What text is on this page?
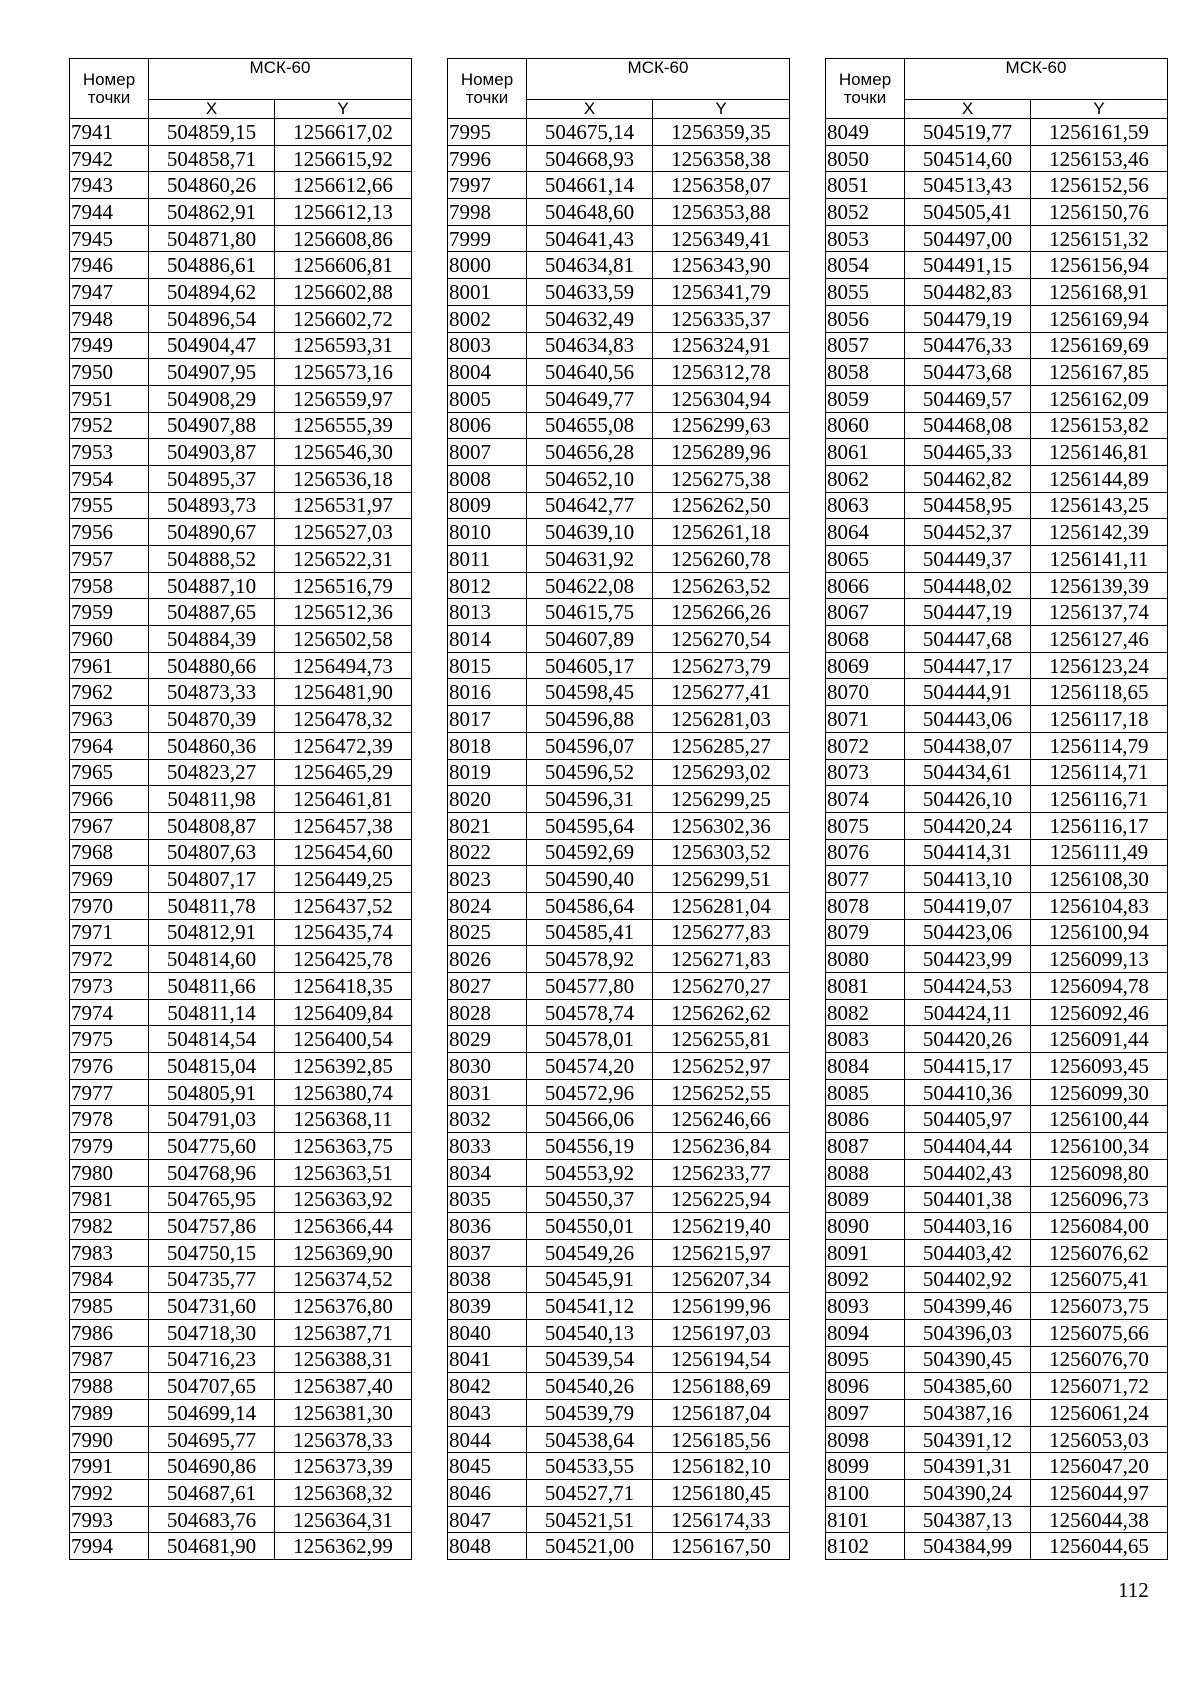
Номер точки	МСК-60	
	X	Y
7941	504859,15	1256617,02
7942	504858,71	1256615,92
7943	504860,26	1256612,66
7944	504862,91	1256612,13
7945	504871,80	1256608,86
7946	504886,61	1256606,81
7947	504894,62	1256602,88
7948	504896,54	1256602,72
7949	504904,47	1256593,31
7950	504907,95	1256573,16
7951	504908,29	1256559,97
7952	504907,88	1256555,39
7953	504903,87	1256546,30
7954	504895,37	1256536,18
7955	504893,73	1256531,97
7956	504890,67	1256527,03
7957	504888,52	1256522,31
7958	504887,10	1256516,79
7959	504887,65	1256512,36
7960	504884,39	1256502,58
7961	504880,66	1256494,73
7962	504873,33	1256481,90
7963	504870,39	1256478,32
7964	504860,36	1256472,39
7965	504823,27	1256465,29
7966	504811,98	1256461,81
7967	504808,87	1256457,38
7968	504807,63	1256454,60
7969	504807,17	1256449,25
7970	504811,78	1256437,52
7971	504812,91	1256435,74
7972	504814,60	1256425,78
7973	504811,66	1256418,35
7974	504811,14	1256409,84
7975	504814,54	1256400,54
7976	504815,04	1256392,85
7977	504805,91	1256380,74
7978	504791,03	1256368,11
7979	504775,60	1256363,75
7980	504768,96	1256363,51
7981	504765,95	1256363,92
7982	504757,86	1256366,44
7983	504750,15	1256369,90
7984	504735,77	1256374,52
7985	504731,60	1256376,80
7986	504718,30	1256387,71
7987	504716,23	1256388,31
7988	504707,65	1256387,40
7989	504699,14	1256381,30
7990	504695,77	1256378,33
7991	504690,86	1256373,39
7992	504687,61	1256368,32
7993	504683,76	1256364,31
7994	504681,90	1256362,99
Номер точки	МСК-60	
	X	Y
7995	504675,14	1256359,35
7996	504668,93	1256358,38
7997	504661,14	1256358,07
7998	504648,60	1256353,88
7999	504641,43	1256349,41
8000	504634,81	1256343,90
8001	504633,59	1256341,79
8002	504632,49	1256335,37
8003	504634,83	1256324,91
8004	504640,56	1256312,78
8005	504649,77	1256304,94
8006	504655,08	1256299,63
8007	504656,28	1256289,96
8008	504652,10	1256275,38
8009	504642,77	1256262,50
8010	504639,10	1256261,18
8011	504631,92	1256260,78
8012	504622,08	1256263,52
8013	504615,75	1256266,26
8014	504607,89	1256270,54
8015	504605,17	1256273,79
8016	504598,45	1256277,41
8017	504596,88	1256281,03
8018	504596,07	1256285,27
8019	504596,52	1256293,02
8020	504596,31	1256299,25
8021	504595,64	1256302,36
8022	504592,69	1256303,52
8023	504590,40	1256299,51
8024	504586,64	1256281,04
8025	504585,41	1256277,83
8026	504578,92	1256271,83
8027	504577,80	1256270,27
8028	504578,74	1256262,62
8029	504578,01	1256255,81
8030	504574,20	1256252,97
8031	504572,96	1256252,55
8032	504566,06	1256246,66
8033	504556,19	1256236,84
8034	504553,92	1256233,77
8035	504550,37	1256225,94
8036	504550,01	1256219,40
8037	504549,26	1256215,97
8038	504545,91	1256207,34
8039	504541,12	1256199,96
8040	504540,13	1256197,03
8041	504539,54	1256194,54
8042	504540,26	1256188,69
8043	504539,79	1256187,04
8044	504538,64	1256185,56
8045	504533,55	1256182,10
8046	504527,71	1256180,45
8047	504521,51	1256174,33
8048	504521,00	1256167,50
Номер точки	МСК-60	
	X	Y
8049	504519,77	1256161,59
8050	504514,60	1256153,46
8051	504513,43	1256152,56
8052	504505,41	1256150,76
8053	504497,00	1256151,32
8054	504491,15	1256156,94
8055	504482,83	1256168,91
8056	504479,19	1256169,94
8057	504476,33	1256169,69
8058	504473,68	1256167,85
8059	504469,57	1256162,09
8060	504468,08	1256153,82
8061	504465,33	1256146,81
8062	504462,82	1256144,89
8063	504458,95	1256143,25
8064	504452,37	1256142,39
8065	504449,37	1256141,11
8066	504448,02	1256139,39
8067	504447,19	1256137,74
8068	504447,68	1256127,46
8069	504447,17	1256123,24
8070	504444,91	1256118,65
8071	504443,06	1256117,18
8072	504438,07	1256114,79
8073	504434,61	1256114,71
8074	504426,10	1256116,71
8075	504420,24	1256116,17
8076	504414,31	1256111,49
8077	504413,10	1256108,30
8078	504419,07	1256104,83
8079	504423,06	1256100,94
8080	504423,99	1256099,13
8081	504424,53	1256094,78
8082	504424,11	1256092,46
8083	504420,26	1256091,44
8084	504415,17	1256093,45
8085	504410,36	1256099,30
8086	504405,97	1256100,44
8087	504404,44	1256100,34
8088	504402,43	1256098,80
8089	504401,38	1256096,73
8090	504403,16	1256084,00
8091	504403,42	1256076,62
8092	504402,92	1256075,41
8093	504399,46	1256073,75
8094	504396,03	1256075,66
8095	504390,45	1256076,70
8096	504385,60	1256071,72
8097	504387,16	1256061,24
8098	504391,12	1256053,03
8099	504391,31	1256047,20
8100	504390,24	1256044,97
8101	504387,13	1256044,38
8102	504384,99	1256044,65
112
